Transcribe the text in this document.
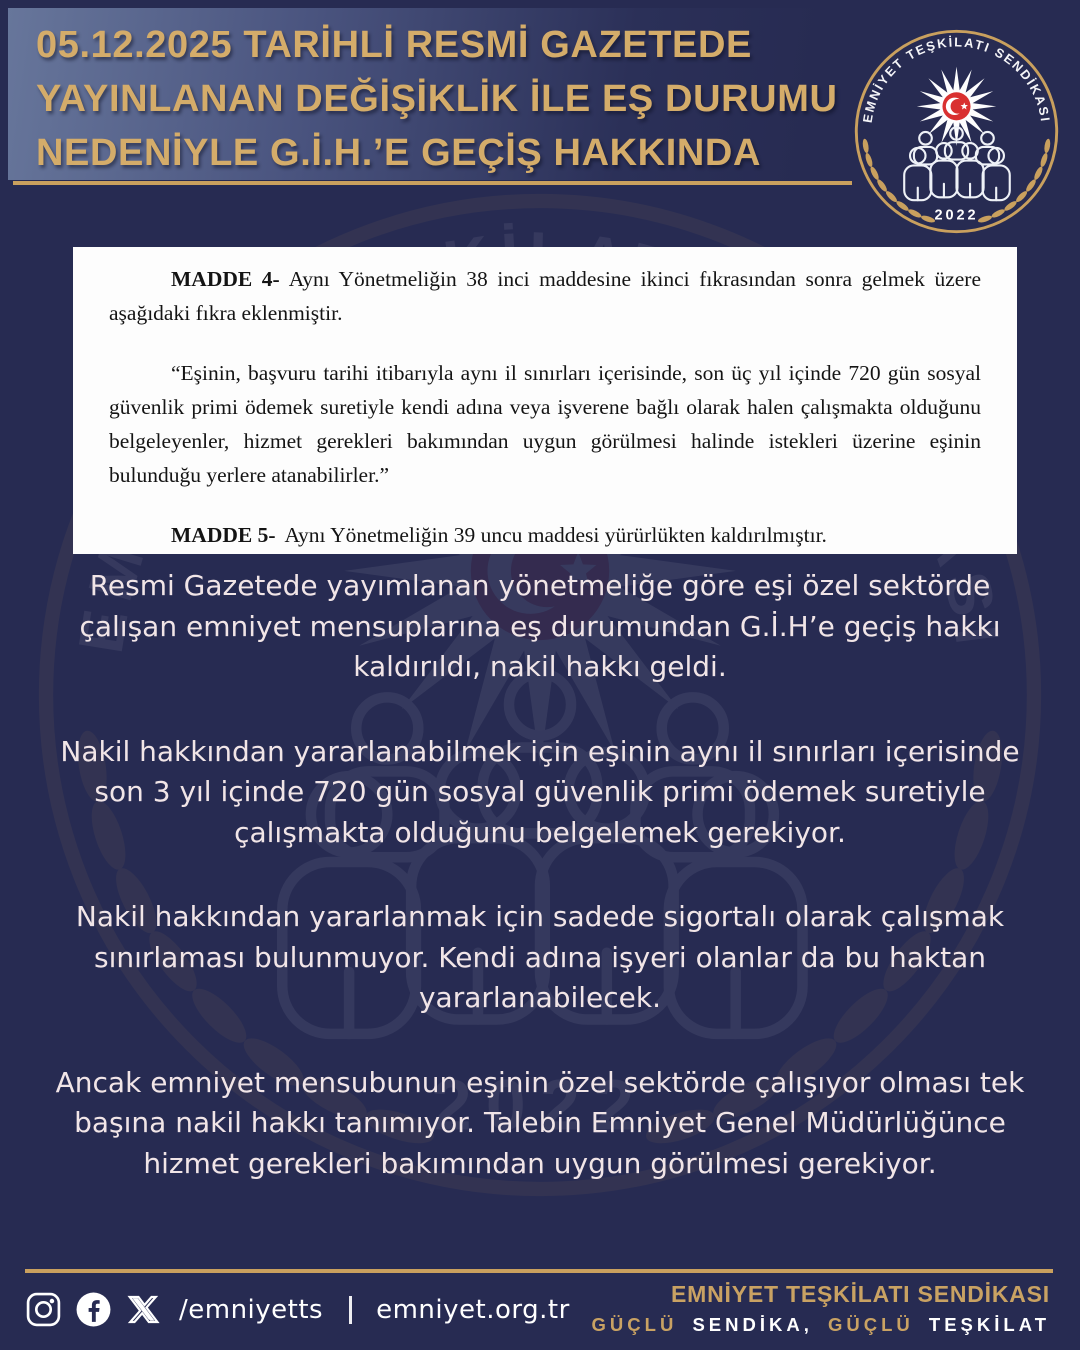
05.12.2025 TARİHLİ RESMİ GAZETEDE
YAYINLANAN DEĞİŞİKLİK İLE EŞ DURUMU
NEDENİYLE G.İ.H.’E GEÇİŞ HAKKINDA

MADDE 4- Aynı Yönetmeliğin 38 inci maddesine ikinci fıkrasından sonra gelmek üzere aşağıdaki fıkra eklenmiştir.

“Eşinin, başvuru tarihi itibarıyla aynı il sınırları içerisinde, son üç yıl içinde 720 gün sosyal güvenlik primi ödemek suretiyle kendi adına veya işverene bağlı olarak halen çalışmakta olduğunu belgeleyenler, hizmet gerekleri bakımından uygun görülmesi halinde istekleri üzerine eşinin bulunduğu yerlere atanabilirler.”

MADDE 5- Aynı Yönetmeliğin 39 uncu maddesi yürürlükten kaldırılmıştır.

Resmi Gazetede yayımlanan yönetmeliğe göre eşi özel sektörde çalışan emniyet mensuplarına eş durumundan G.İ.H’e geçiş hakkı kaldırıldı, nakil hakkı geldi.

Nakil hakkından yararlanabilmek için eşinin aynı il sınırları içerisinde son 3 yıl içinde 720 gün sosyal güvenlik primi ödemek suretiyle çalışmakta olduğunu belgelemek gerekiyor.

Nakil hakkından yararlanmak için sadede sigortalı olarak çalışmak sınırlaması bulunmuyor. Kendi adına işyeri olanlar da bu haktan yararlanabilecek.

Ancak emniyet mensubunun eşinin özel sektörde çalışıyor olması tek başına nakil hakkı tanımıyor. Talebin Emniyet Genel Müdürlüğünce hizmet gerekleri bakımından uygun görülmesi gerekiyor.

/emniyetts emniyet.org.tr
EMNİYET TEŞKİLATI SENDİKASI
GÜÇLÜ SENDİKA, GÜÇLÜ TEŞKİLAT
